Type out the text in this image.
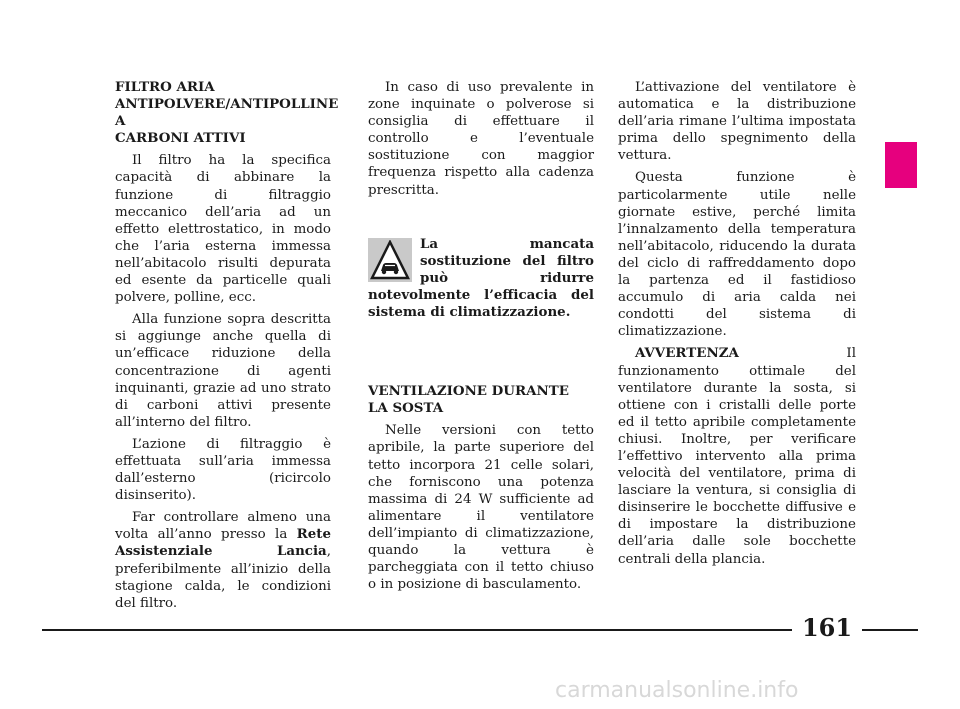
FILTRO ARIA
ANTIPOLVERE/ANTIPOLLINE A
CARBONI ATTIVI

Il filtro ha la specifica capacità di abbinare la funzione di filtraggio meccanico dell’aria ad un effetto elettrostatico, in modo che l’aria esterna immessa nell’abitacolo risulti depurata ed esente da particelle quali polvere, polline, ecc.

Alla funzione sopra descritta si aggiunge anche quella di un’efficace riduzione della concentrazione di agenti inquinanti, grazie ad uno strato di carboni attivi presente all’interno del filtro.

L’azione di filtraggio è effettuata sull’aria immessa dall’esterno (ricircolo disinserito).

Far controllare almeno una volta all’anno presso la Rete Assistenziale Lancia, preferibilmente all’inizio della stagione calda, le condizioni del filtro.

In caso di uso prevalente in zone inquinate o polverose si consiglia di effettuare il controllo e l’eventuale sostituzione con maggior frequenza rispetto alla cadenza prescritta.

La mancata sostituzione del filtro può ridurre notevolmente l’efficacia del sistema di climatizzazione.
VENTILAZIONE DURANTE
LA SOSTA

Nelle versioni con tetto apribile, la parte superiore del tetto incorpora 21 celle solari, che forniscono una potenza massima di 24 W sufficiente ad alimentare il ventilatore dell’impianto di climatizzazione, quando la vettura è parcheggiata con il tetto chiuso o in posizione di basculamento.

L’attivazione del ventilatore è automatica e la distribuzione dell’aria rimane l’ultima impostata prima dello spegnimento della vettura.

Questa funzione è particolarmente utile nelle giornate estive, perché limita l’innalzamento della temperatura nell’abitacolo, riducendo la durata del ciclo di raffreddamento dopo la partenza ed il fastidioso accumulo di aria calda nei condotti del sistema di climatizzazione.

AVVERTENZA Il funzionamento ottimale del ventilatore durante la sosta, si ottiene con i cristalli delle porte ed il tetto apribile completamente chiusi. Inoltre, per verificare l’effettivo intervento alla prima velocità del ventilatore, prima di lasciare la ventura, si consiglia di disinserire le bocchette diffusive e di impostare la distribuzione dell’aria dalle sole bocchette centrali della plancia.

161
carmanualsonline.info
